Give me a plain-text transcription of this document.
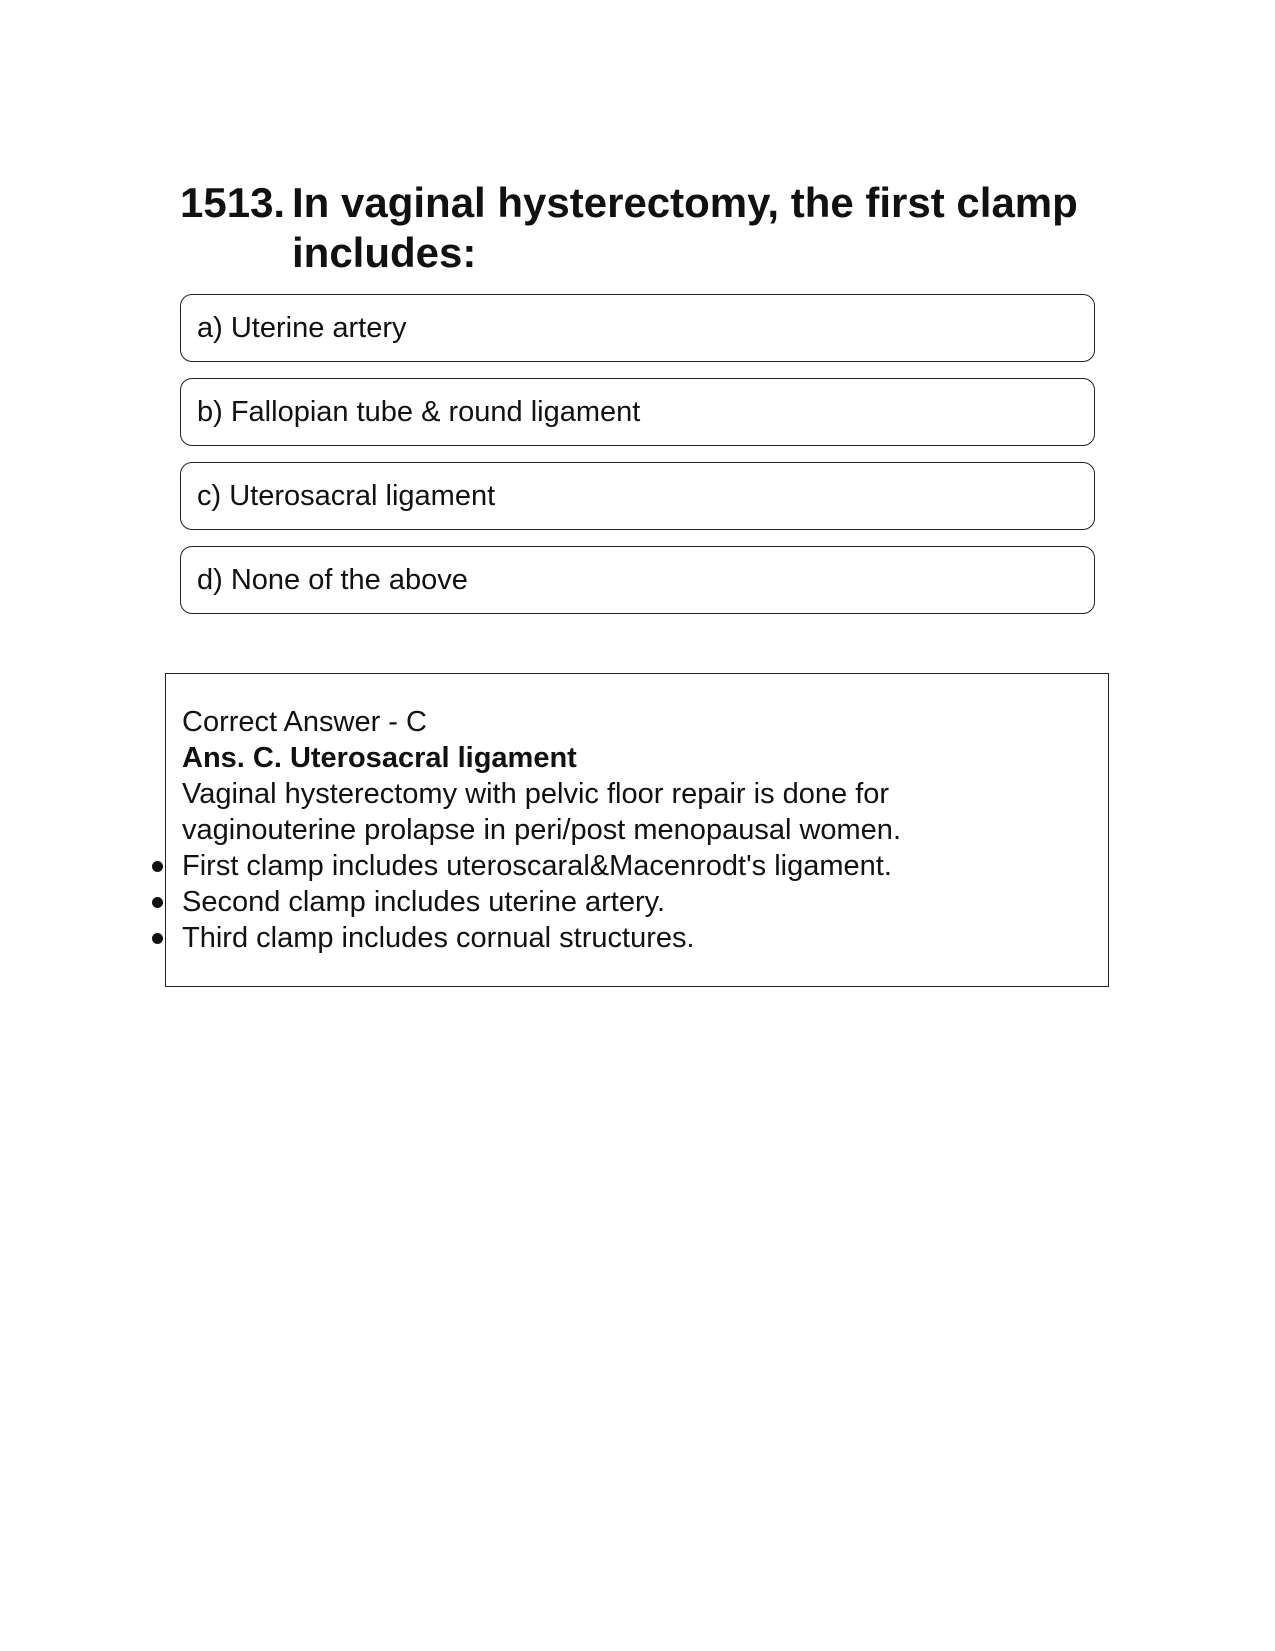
1513. In vaginal hysterectomy, the first clamp includes:
a) Uterine artery
b) Fallopian tube & round ligament
c) Uterosacral ligament
d) None of the above

Correct Answer - C

Ans. C. Uterosacral ligament

Vaginal hysterectomy with pelvic floor repair is done for

vaginouterine prolapse in peri/post menopausal women.

First clamp includes uteroscaral&Macenrodt's ligament.
Second clamp includes uterine artery.
Third clamp includes cornual structures.
